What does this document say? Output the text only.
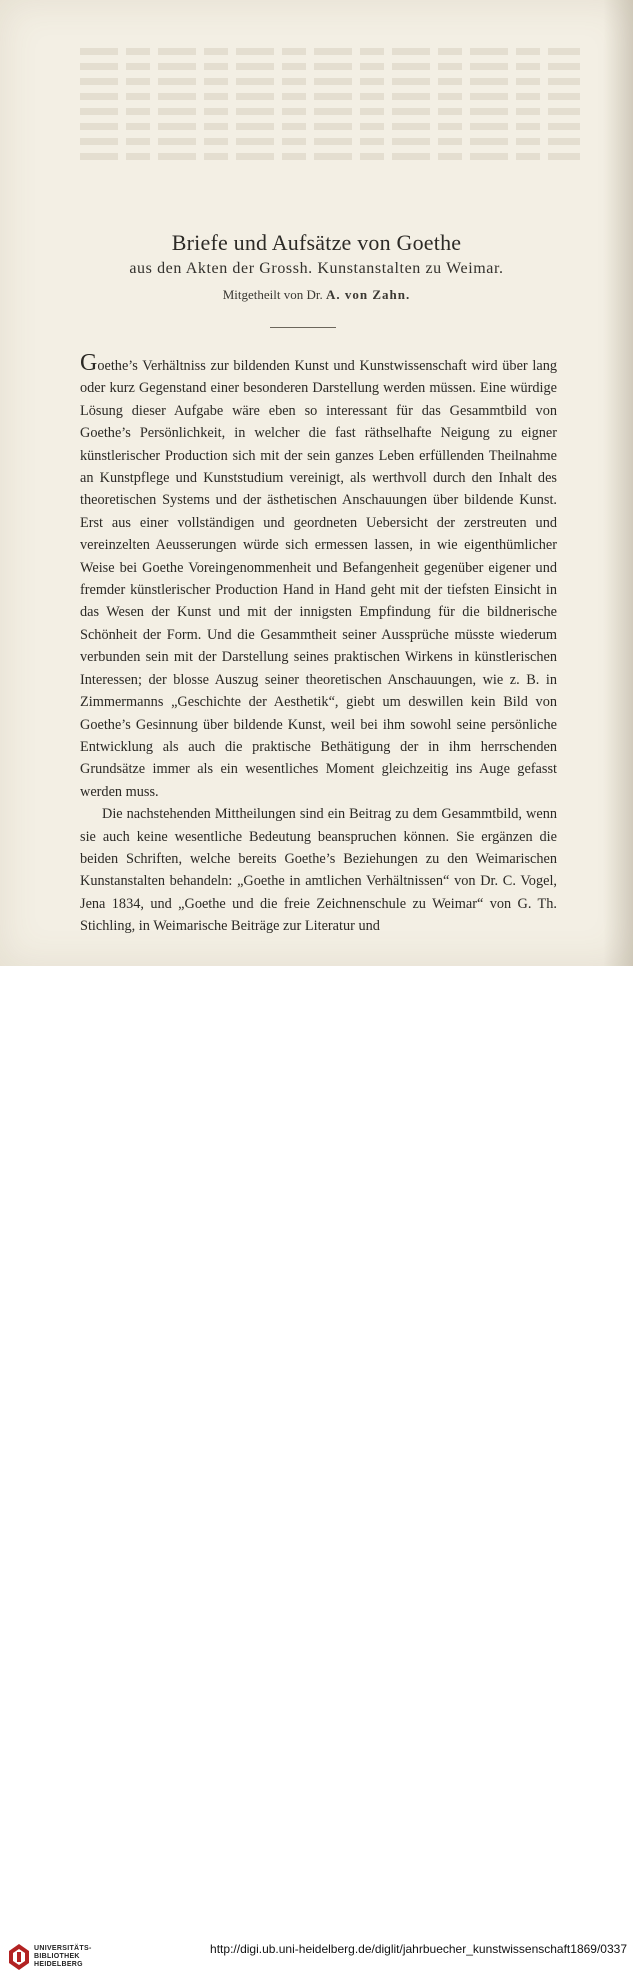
Briefe und Aufsätze von Goethe
aus den Akten der Grossh. Kunstanstalten zu Weimar.
Mitgetheilt von Dr. A. von Zahn.

Goethe’s Verhältniss zur bildenden Kunst und Kunstwissenschaft wird über lang oder kurz Gegenstand einer besonderen Darstellung werden müssen. Eine würdige Lösung dieser Aufgabe wäre eben so interessant für das Gesammtbild von Goethe’s Persönlichkeit, in welcher die fast räthselhafte Neigung zu eigner künstlerischer Production sich mit der sein ganzes Leben erfüllenden Theilnahme an Kunstpflege und Kunststudium vereinigt, als werthvoll durch den Inhalt des theoretischen Systems und der ästhetischen Anschauungen über bildende Kunst. Erst aus einer vollständigen und geordneten Uebersicht der zerstreuten und vereinzelten Aeusserungen würde sich ermessen lassen, in wie eigenthümlicher Weise bei Goethe Voreingenommenheit und Befangenheit gegenüber eigener und fremder künstlerischer Production Hand in Hand geht mit der tiefsten Einsicht in das Wesen der Kunst und mit der innigsten Empfindung für die bildnerische Schönheit der Form. Und die Gesammtheit seiner Aussprüche müsste wiederum verbunden sein mit der Darstellung seines praktischen Wirkens in künstlerischen Interessen; der blosse Auszug seiner theoretischen Anschauungen, wie z. B. in Zimmermanns „Geschichte der Aesthetik“, giebt um deswillen kein Bild von Goethe’s Gesinnung über bildende Kunst, weil bei ihm sowohl seine persönliche Entwicklung als auch die praktische Bethätigung der in ihm herrschenden Grundsätze immer als ein wesentliches Moment gleichzeitig ins Auge gefasst werden muss.

Die nachstehenden Mittheilungen sind ein Beitrag zu dem Gesammtbild, wenn sie auch keine wesentliche Bedeutung beanspruchen können. Sie ergänzen die beiden Schriften, welche bereits Goethe’s Beziehungen zu den Weimarischen Kunstanstalten behandeln: „Goethe in amtlichen Verhältnissen“ von Dr. C. Vogel, Jena 1834, und „Goethe und die freie Zeichnenschule zu Weimar“ von G. Th. Stichling, in Weimarische Beiträge zur Literatur und

UNIVERSITÄTS-
BIBLIOTHEK
HEIDELBERG
http://digi.ub.uni-heidelberg.de/diglit/jahrbuecher_kunstwissenschaft1869/0337
